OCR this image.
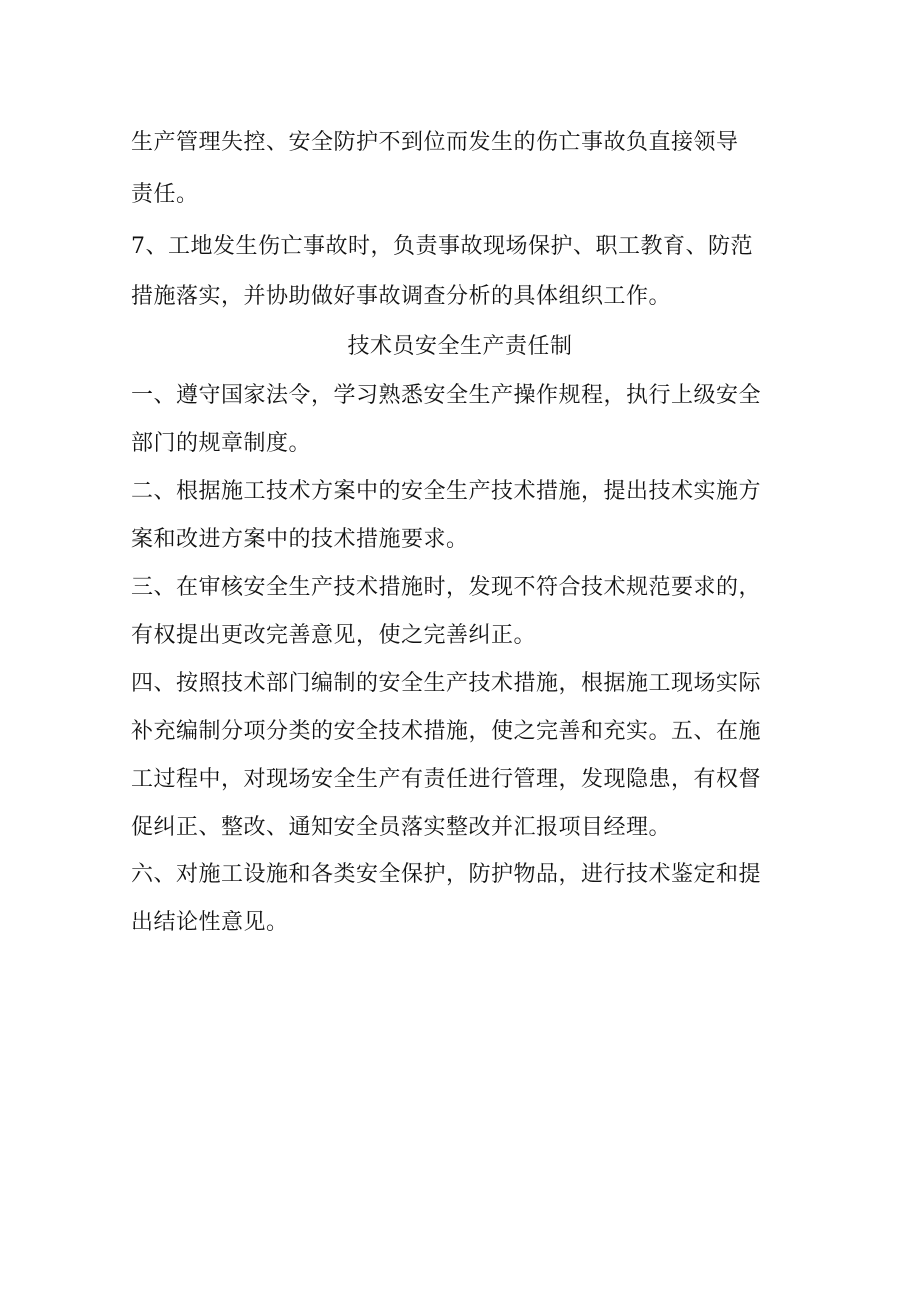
生产管理失控、安全防护不到位而发生的伤亡事故负直接领导
责任。
7、工地发生伤亡事故时，负责事故现场保护、职工教育、防范
措施落实，并协助做好事故调查分析的具体组织工作。
技术员安全生产责任制
一、遵守国家法令，学习熟悉安全生产操作规程，执行上级安全
部门的规章制度。
二、根据施工技术方案中的安全生产技术措施，提出技术实施方
案和改进方案中的技术措施要求。
三、在审核安全生产技术措施时，发现不符合技术规范要求的，
有权提出更改完善意见，使之完善纠正。
四、按照技术部门编制的安全生产技术措施，根据施工现场实际
补充编制分项分类的安全技术措施，使之完善和充实。五、在施
工过程中，对现场安全生产有责任进行管理，发现隐患，有权督
促纠正、整改、通知安全员落实整改并汇报项目经理。
六、对施工设施和各类安全保护，防护物品，进行技术鉴定和提
出结论性意见。
